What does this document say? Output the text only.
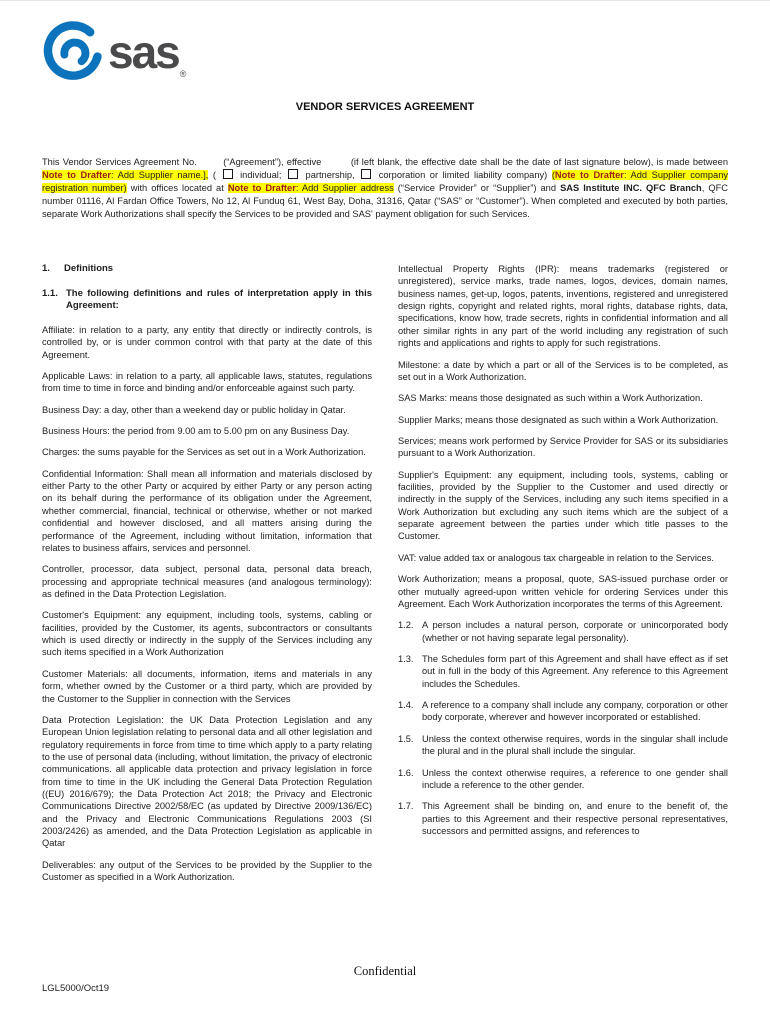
sas ®
VENDOR SERVICES AGREEMENT

This Vendor Services Agreement No.    (“Agreement”), effective     (if left blank, the effective date shall be the date of last signature below), is made between Note to Drafter: Add Supplier name.], (  individual;  partnership,  corporation or limited liability company) (Note to Drafter: Add Supplier company registration number) with offices located at Note to Drafter: Add Supplier address (“Service Provider” or “Supplier”) and SAS Institute INC. QFC Branch, QFC number 01116, Al Fardan Office Towers, No 12, Al Funduq 61, West Bay, Doha, 31316, Qatar (“SAS” or “Customer”). When completed and executed by both parties, separate Work Authorizations shall specify the Services to be provided and SAS' payment obligation for such Services.

1.	Definitions

1.1. The following definitions and rules of interpretation apply in this Agreement:

Affiliate: in relation to a party, any entity that directly or indirectly controls, is controlled by, or is under common control with that party at the date of this Agreement.

Applicable Laws: in relation to a party, all applicable laws, statutes, regulations from time to time in force and binding and/or enforceable against such party.

Business Day: a day, other than a weekend day or public holiday in Qatar.

Business Hours: the period from 9.00 am to 5.00 pm on any Business Day.

Charges: the sums payable for the Services as set out in a Work Authorization.

Confidential Information: Shall mean all information and materials disclosed by either Party to the other Party or acquired by either Party or any person acting on its behalf during the performance of its obligation under the Agreement, whether commercial, financial, technical or otherwise, whether or not marked confidential and however disclosed, and all matters arising during the performance of the Agreement, including without limitation, information that relates to business affairs, services and personnel.

Controller, processor, data subject, personal data, personal data breach, processing and appropriate technical measures (and analogous terminology): as defined in the Data Protection Legislation.

Customer's Equipment: any equipment, including tools, systems, cabling or facilities, provided by the Customer, its agents, subcontractors or consultants which is used directly or indirectly in the supply of the Services including any such items specified in a Work Authorization

Customer Materials: all documents, information, items and materials in any form, whether owned by the Customer or a third party, which are provided by the Customer to the Supplier in connection with the Services

Data Protection Legislation: the UK Data Protection Legislation and any European Union legislation relating to personal data and all other legislation and regulatory requirements in force from time to time which apply to a party relating to the use of personal data (including, without limitation, the privacy of electronic communications. all applicable data protection and privacy legislation in force from time to time in the UK including the General Data Protection Regulation ((EU) 2016/679); the Data Protection Act 2018; the Privacy and Electronic Communications Directive 2002/58/EC (as updated by Directive 2009/136/EC) and the Privacy and Electronic Communications Regulations 2003 (SI 2003/2426) as amended, and the Data Protection Legislation as applicable in Qatar

Deliverables: any output of the Services to be provided by the Supplier to the Customer as specified in a Work Authorization.

Intellectual Property Rights (IPR): means trademarks (registered or unregistered), service marks, trade names, logos, devices, domain names, business names, get-up, logos, patents, inventions, registered and unregistered design rights, copyright and related rights, moral rights, database rights, data, specifications, know how, trade secrets, rights in confidential information and all other similar rights in any part of the world including any registration of such rights and applications and rights to apply for such registrations.

Milestone: a date by which a part or all of the Services is to be completed, as set out in a Work Authorization.

SAS Marks: means those designated as such within a Work Authorization.

Supplier Marks; means those designated as such within a Work Authorization.

Services; means work performed by Service Provider for SAS or its subsidiaries pursuant to a Work Authorization.

Supplier's Equipment: any equipment, including tools, systems, cabling or facilities, provided by the Supplier to the Customer and used directly or indirectly in the supply of the Services, including any such items specified in a Work Authorization but excluding any such items which are the subject of a separate agreement between the parties under which title passes to the Customer.

VAT: value added tax or analogous tax chargeable in relation to the Services.

Work Authorization; means a proposal, quote, SAS-issued purchase order or other mutually agreed-upon written vehicle for ordering Services under this Agreement. Each Work Authorization incorporates the terms of this Agreement.

1.2. A person includes a natural person, corporate or unincorporated body (whether or not having separate legal personality).

1.3. The Schedules form part of this Agreement and shall have effect as if set out in full in the body of this Agreement. Any reference to this Agreement includes the Schedules.

1.4. A reference to a company shall include any company, corporation or other body corporate, wherever and however incorporated or established.

1.5. Unless the context otherwise requires, words in the singular shall include the plural and in the plural shall include the singular.

1.6. Unless the context otherwise requires, a reference to one gender shall include a reference to the other gender.

1.7. This Agreement shall be binding on, and enure to the benefit of, the parties to this Agreement and their respective personal representatives, successors and permitted assigns, and references to

Confidential
LGL5000/Oct19
